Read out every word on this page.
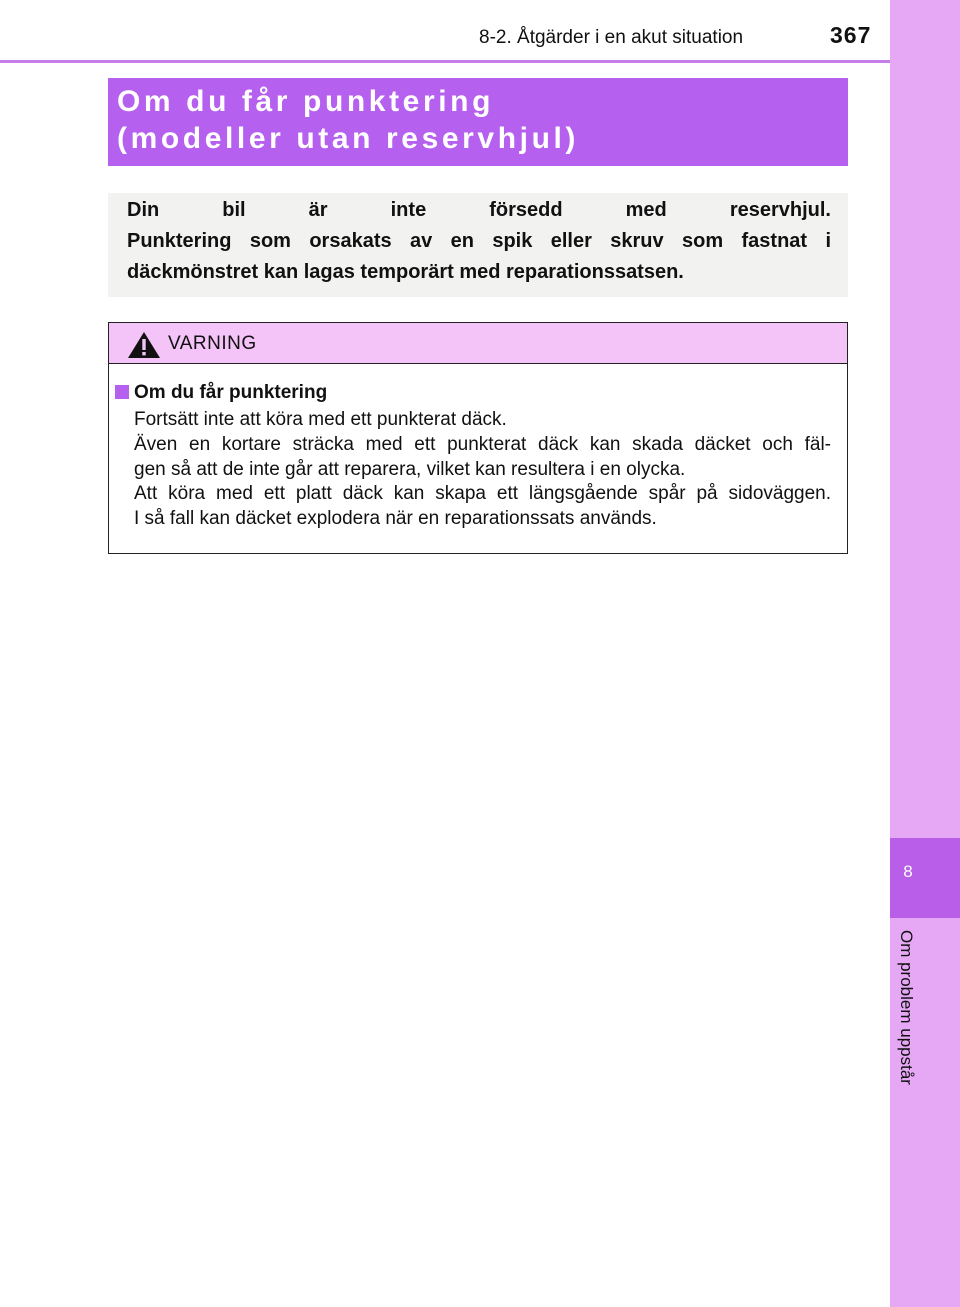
8
Om problem uppstår
8-2. Åtgärder i en akut situation	367
Om du får punktering
(modeller utan reservhjul)
Din bil är inte försedd med reservhjul.
Punktering som orsakats av en spik eller skruv som fastnat i
däckmönstret kan lagas temporärt med reparationssatsen.
VARNING
Om du får punktering
Fortsätt inte att köra med ett punkterat däck.
Även en kortare sträcka med ett punkterat däck kan skada däcket och fäl-
gen så att de inte går att reparera, vilket kan resultera i en olycka.
Att köra med ett platt däck kan skapa ett längsgående spår på sidoväggen.
I så fall kan däcket explodera när en reparationssats används.
